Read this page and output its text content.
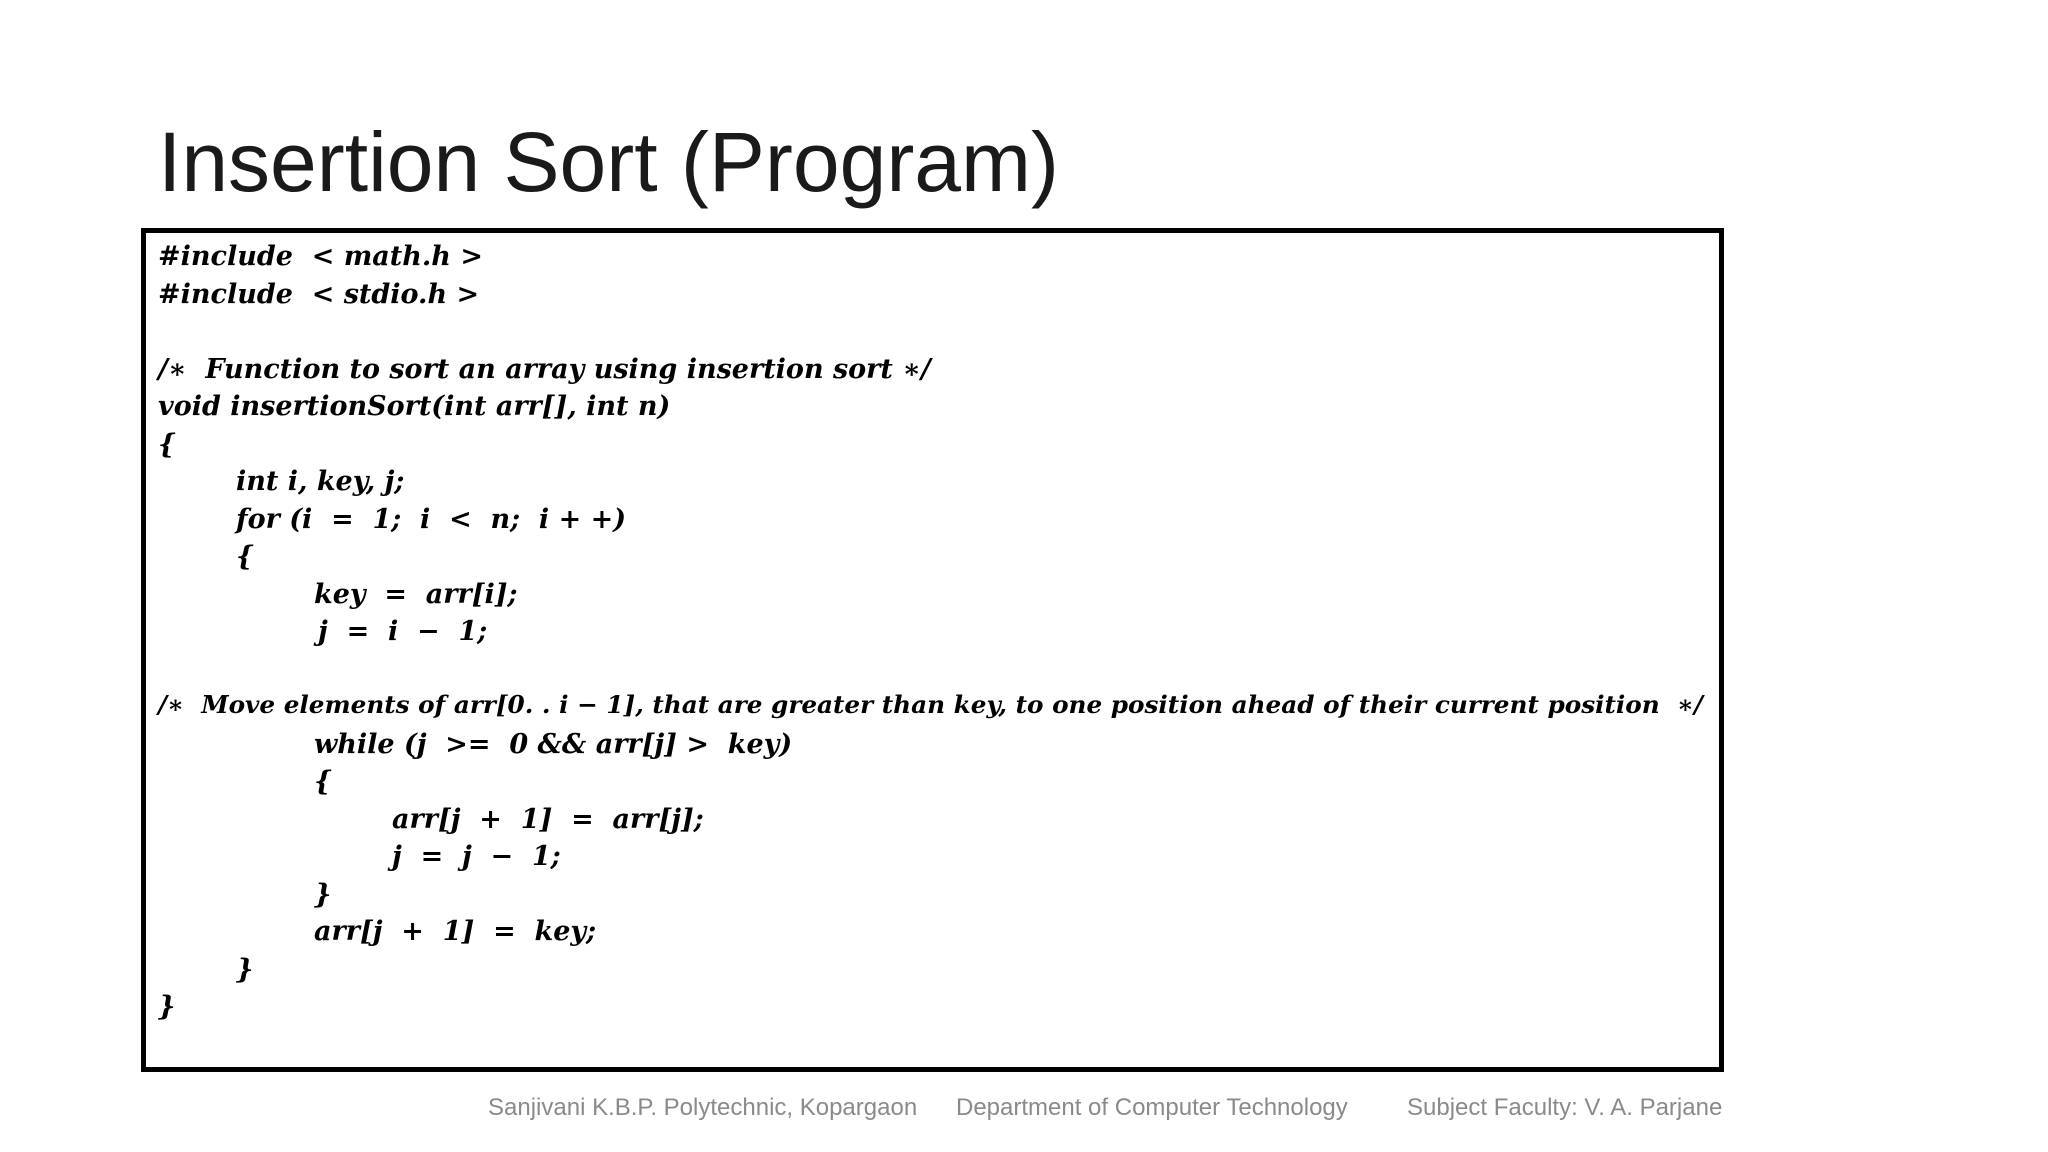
Insertion Sort (Program)
#include  < math.h >
#include  < stdio.h >
/∗  Function to sort an array using insertion sort ∗/
void insertionSort(int arr[], int n)
{
int i, key, j;
for (i  =  1;  i  <  n;  i + +)
{
key  =  arr[i];
j  =  i  −  1;
/∗  Move elements of arr[0. . i − 1], that are greater than key, to one position ahead of their current position  ∗/
while (j  >=  0 && arr[j] >  key)
{
arr[j  +  1]  =  arr[j];
j  =  j  −  1;
}
arr[j  +  1]  =  key;
}
}
Sanjivani K.B.P. Polytechnic, Kopargaon Department of Computer Technology Subject Faculty: V. A. Parjane
